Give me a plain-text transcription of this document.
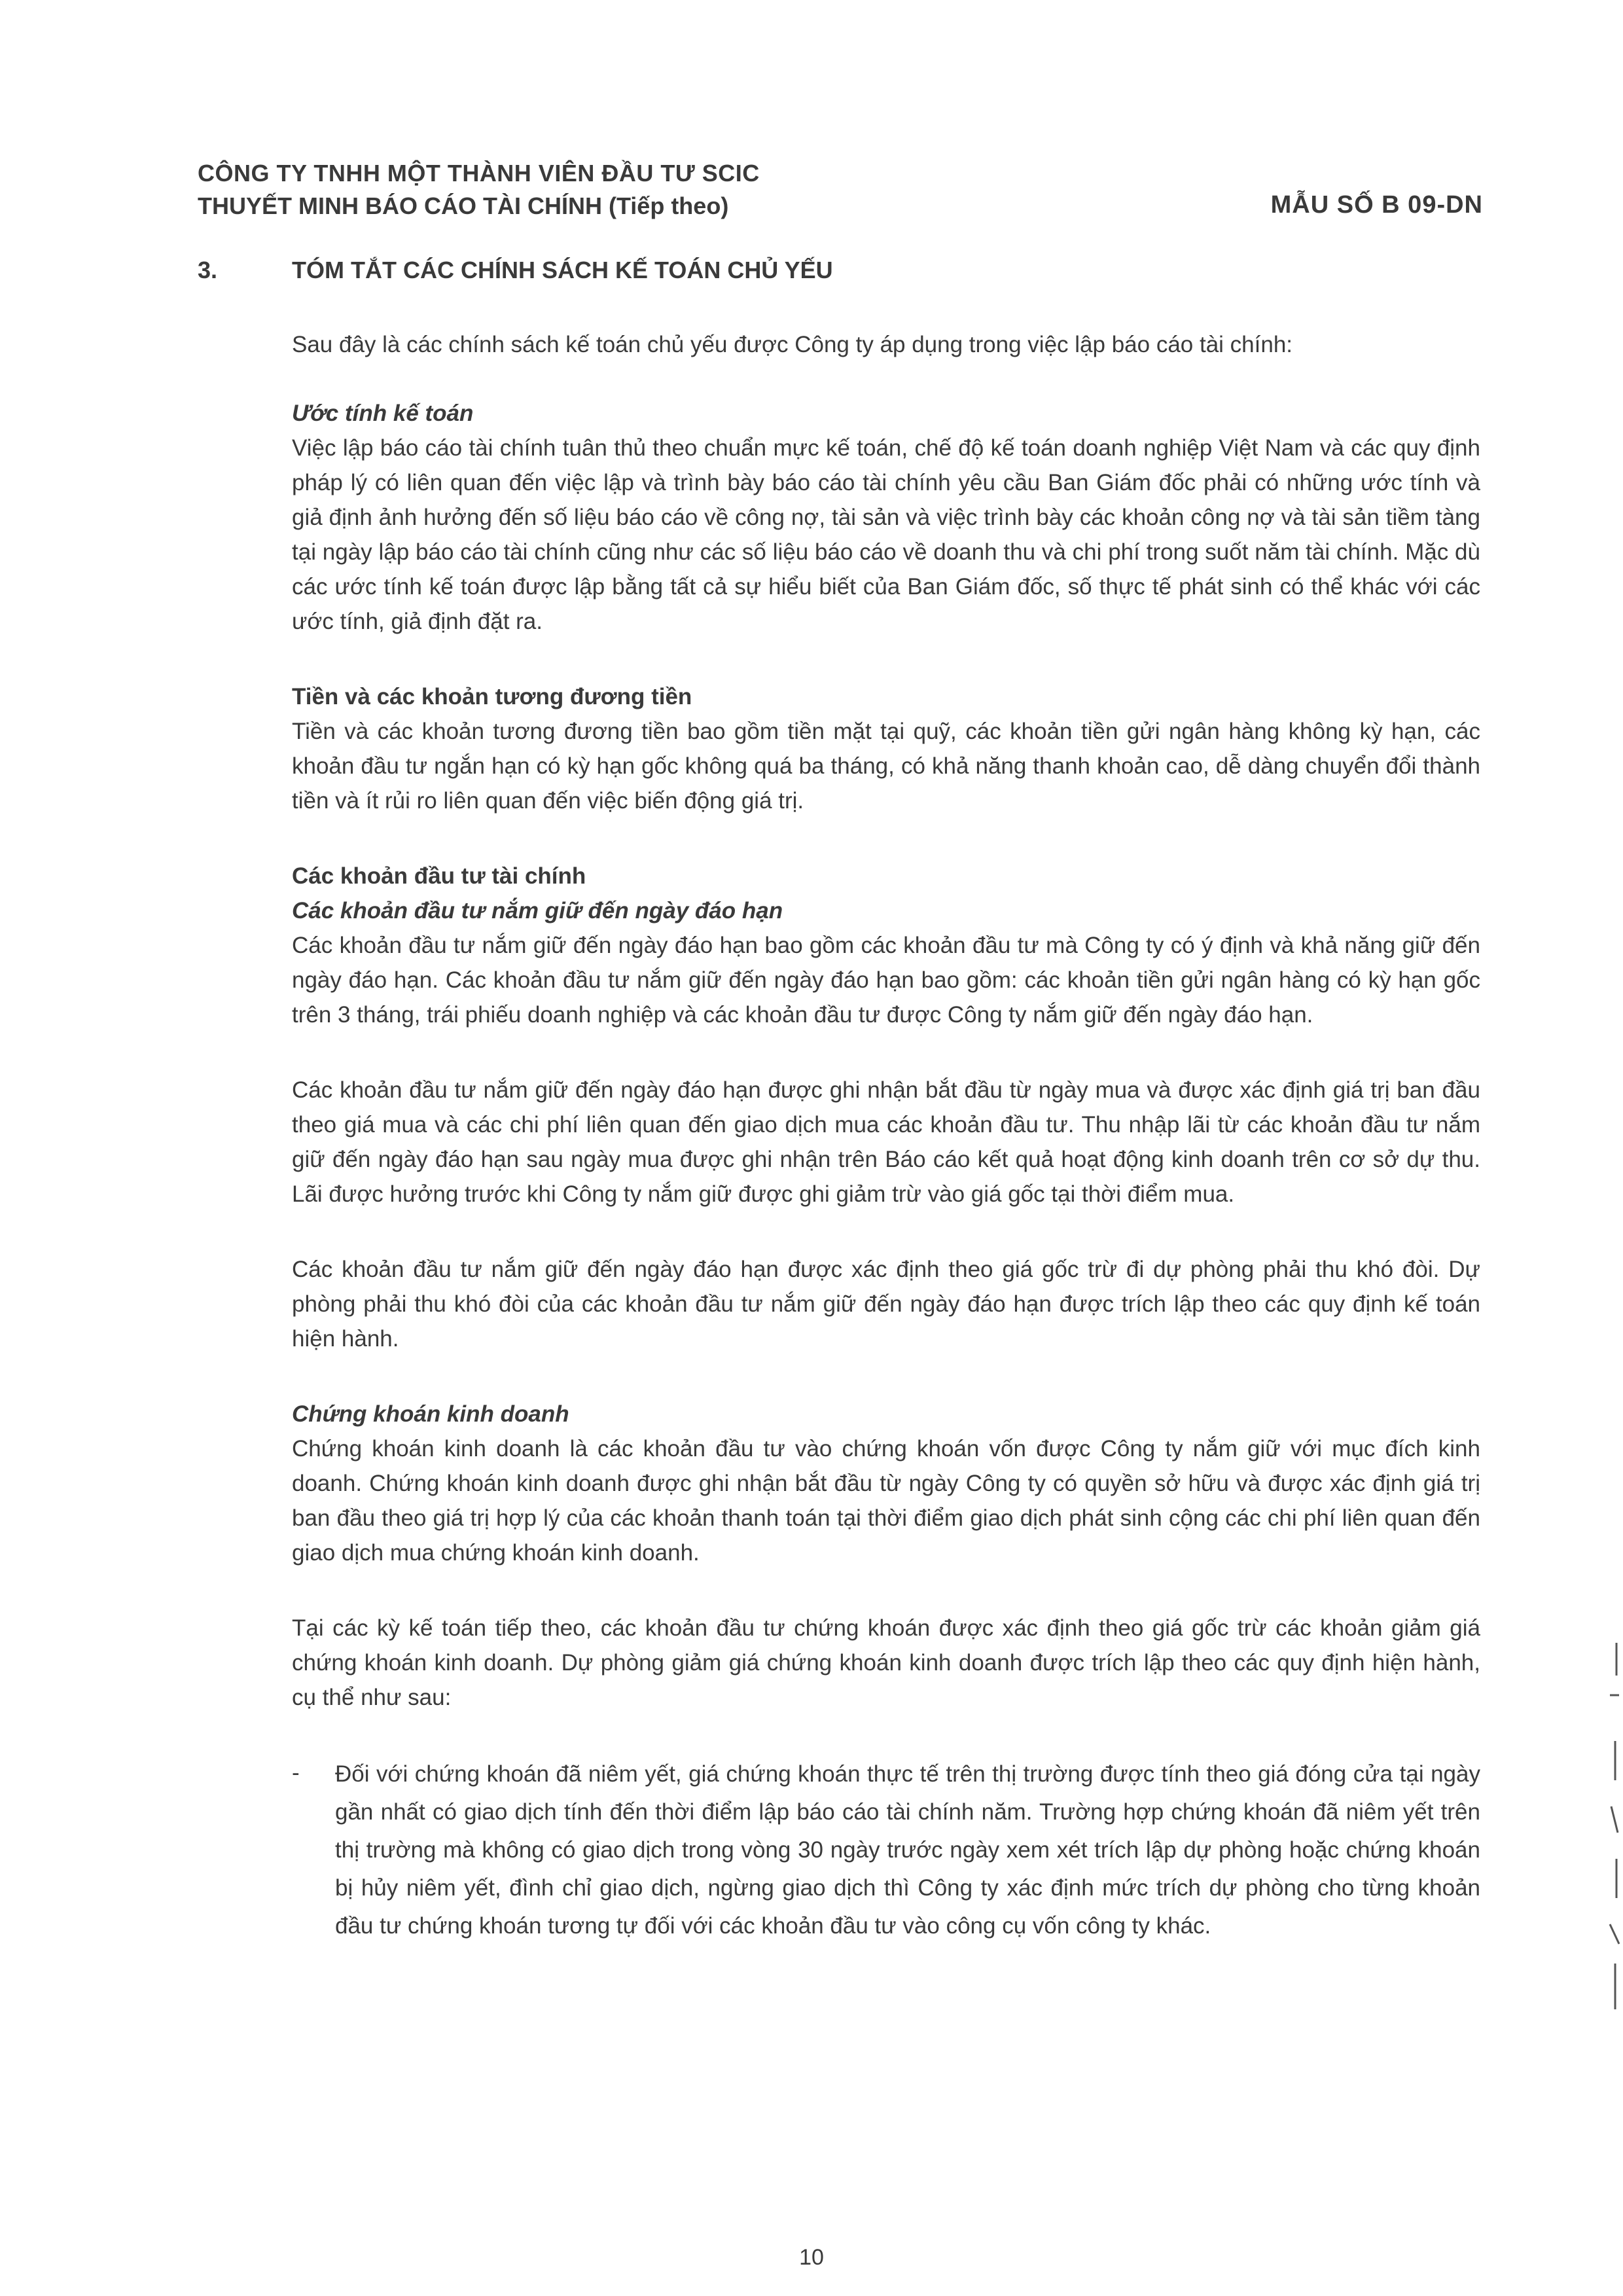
CÔNG TY TNHH MỘT THÀNH VIÊN ĐẦU TƯ SCIC

THUYẾT MINH BÁO CÁO TÀI CHÍNH (Tiếp theo)	MẪU SỐ B 09-DN
3.	TÓM TẮT CÁC CHÍNH SÁCH KẾ TOÁN CHỦ YẾU

Sau đây là các chính sách kế toán chủ yếu được Công ty áp dụng trong việc lập báo cáo tài chính:

Ước tính kế toán

Việc lập báo cáo tài chính tuân thủ theo chuẩn mực kế toán, chế độ kế toán doanh nghiệp Việt Nam và các quy định pháp lý có liên quan đến việc lập và trình bày báo cáo tài chính yêu cầu Ban Giám đốc phải có những ước tính và giả định ảnh hưởng đến số liệu báo cáo về công nợ, tài sản và việc trình bày các khoản công nợ và tài sản tiềm tàng tại ngày lập báo cáo tài chính cũng như các số liệu báo cáo về doanh thu và chi phí trong suốt năm tài chính. Mặc dù các ước tính kế toán được lập bằng tất cả sự hiểu biết của Ban Giám đốc, số thực tế phát sinh có thể khác với các ước tính, giả định đặt ra.

Tiền và các khoản tương đương tiền

Tiền và các khoản tương đương tiền bao gồm tiền mặt tại quỹ, các khoản tiền gửi ngân hàng không kỳ hạn, các khoản đầu tư ngắn hạn có kỳ hạn gốc không quá ba tháng, có khả năng thanh khoản cao, dễ dàng chuyển đổi thành tiền và ít rủi ro liên quan đến việc biến động giá trị.

Các khoản đầu tư tài chính

Các khoản đầu tư nắm giữ đến ngày đáo hạn

Các khoản đầu tư nắm giữ đến ngày đáo hạn bao gồm các khoản đầu tư mà Công ty có ý định và khả năng giữ đến ngày đáo hạn. Các khoản đầu tư nắm giữ đến ngày đáo hạn bao gồm: các khoản tiền gửi ngân hàng có kỳ hạn gốc trên 3 tháng, trái phiếu doanh nghiệp và các khoản đầu tư được Công ty nắm giữ đến ngày đáo hạn.

Các khoản đầu tư nắm giữ đến ngày đáo hạn được ghi nhận bắt đầu từ ngày mua và được xác định giá trị ban đầu theo giá mua và các chi phí liên quan đến giao dịch mua các khoản đầu tư. Thu nhập lãi từ các khoản đầu tư nắm giữ đến ngày đáo hạn sau ngày mua được ghi nhận trên Báo cáo kết quả hoạt động kinh doanh trên cơ sở dự thu. Lãi được hưởng trước khi Công ty nắm giữ được ghi giảm trừ vào giá gốc tại thời điểm mua.

Các khoản đầu tư nắm giữ đến ngày đáo hạn được xác định theo giá gốc trừ đi dự phòng phải thu khó đòi. Dự phòng phải thu khó đòi của các khoản đầu tư nắm giữ đến ngày đáo hạn được trích lập theo các quy định kế toán hiện hành.

Chứng khoán kinh doanh

Chứng khoán kinh doanh là các khoản đầu tư vào chứng khoán vốn được Công ty nắm giữ với mục đích kinh doanh. Chứng khoán kinh doanh được ghi nhận bắt đầu từ ngày Công ty có quyền sở hữu và được xác định giá trị ban đầu theo giá trị hợp lý của các khoản thanh toán tại thời điểm giao dịch phát sinh cộng các chi phí liên quan đến giao dịch mua chứng khoán kinh doanh.

Tại các kỳ kế toán tiếp theo, các khoản đầu tư chứng khoán được xác định theo giá gốc trừ các khoản giảm giá chứng khoán kinh doanh. Dự phòng giảm giá chứng khoán kinh doanh được trích lập theo các quy định hiện hành, cụ thể như sau:

- Đối với chứng khoán đã niêm yết, giá chứng khoán thực tế trên thị trường được tính theo giá đóng cửa tại ngày gần nhất có giao dịch tính đến thời điểm lập báo cáo tài chính năm. Trường hợp chứng khoán đã niêm yết trên thị trường mà không có giao dịch trong vòng 30 ngày trước ngày xem xét trích lập dự phòng hoặc chứng khoán bị hủy niêm yết, đình chỉ giao dịch, ngừng giao dịch thì Công ty xác định mức trích dự phòng cho từng khoản đầu tư chứng khoán tương tự đối với các khoản đầu tư vào công cụ vốn công ty khác.

10
